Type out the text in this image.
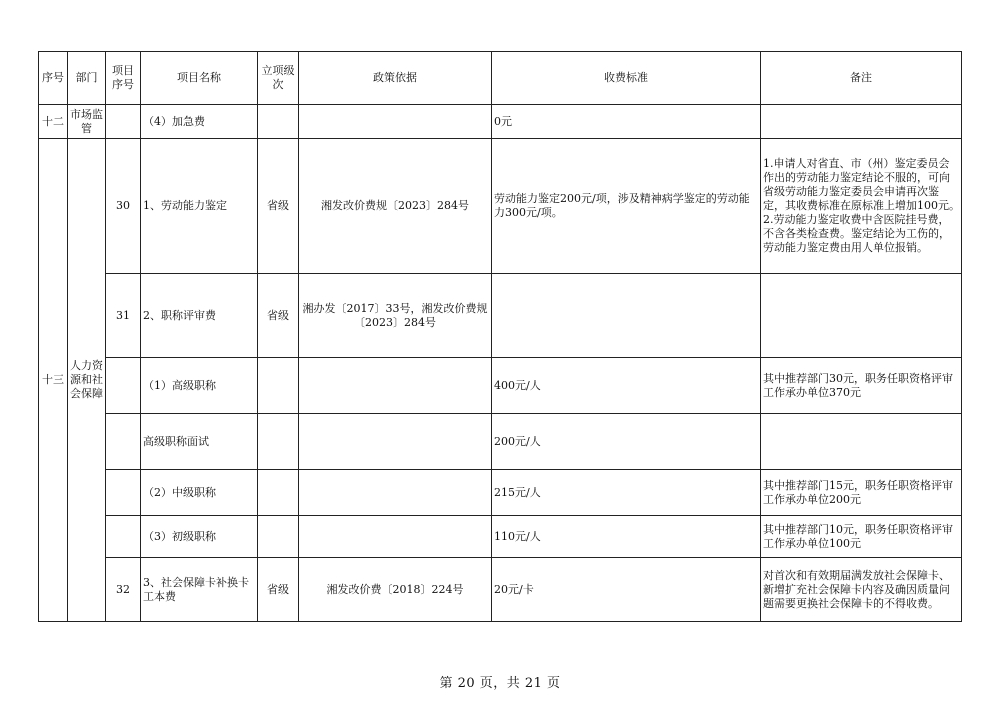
序号	部门	项目序号	项目名称	立项级次	政策依据	收费标准	备注
十二	市场监管		（4）加急费			0元	
十三	人力资源和社会保障	30	1、劳动能力鉴定	省级	湘发改价费规〔2023〕284号	劳动能力鉴定200元/项，涉及精神病学鉴定的劳动能力300元/项。	1.申请人对省直、市（州）鉴定委员会作出的劳动能力鉴定结论不服的，可向省级劳动能力鉴定委员会申请再次鉴定，其收费标准在原标准上增加100元。　2.劳动能力鉴定收费中含医院挂号费，不含各类检查费。鉴定结论为工伤的，劳动能力鉴定费由用人单位报销。
		31	2、职称评审费	省级	湘办发〔2017〕33号，湘发改价费规〔2023〕284号		
			（1）高级职称			400元/人	其中推荐部门30元，职务任职资格评审工作承办单位370元
			高级职称面试			200元/人	
			（2）中级职称			215元/人	其中推荐部门15元，职务任职资格评审工作承办单位200元
			（3）初级职称			110元/人	其中推荐部门10元，职务任职资格评审工作承办单位100元
		32	3、社会保障卡补换卡工本费	省级	湘发改价费〔2018〕224号	20元/卡	对首次和有效期届满发放社会保障卡、新增扩充社会保障卡内容及确因质量问题需要更换社会保障卡的不得收费。
第 20 页，共 21 页
